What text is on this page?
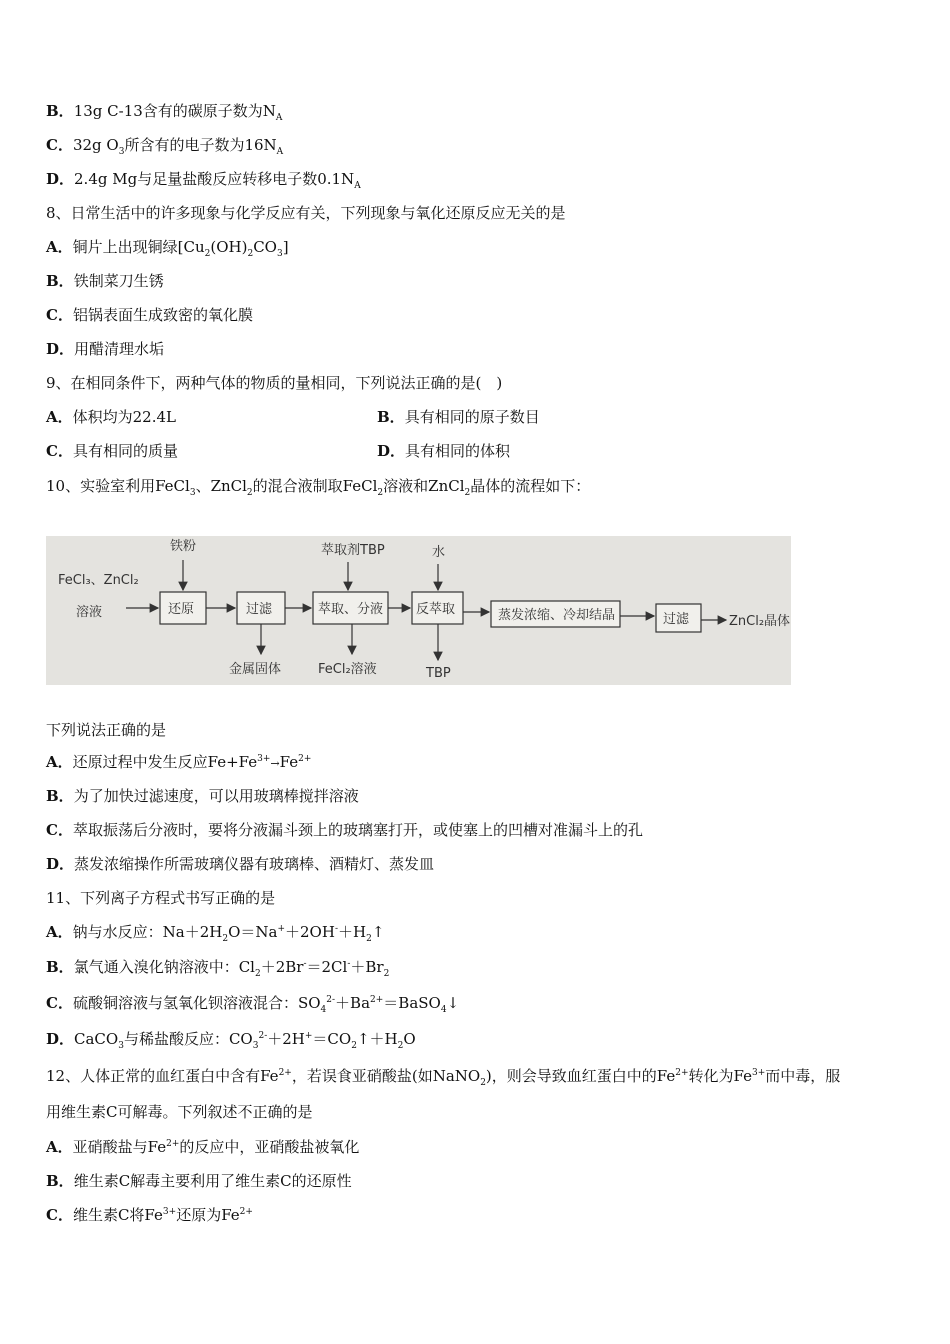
B．13g C-13含有的碳原子数为$N_A$
C．32g $O_3$所含有的电子数为$16N_A$
D．2.4g Mg与足量盐酸反应转移电子数$0.1N_A$
8、日常生活中的许多现象与化学反应有关，下列现象与氧化还原反应无关的是
A．铜片上出现铜绿$[Cu_2(OH)_2CO_3]$
B．铁制菜刀生锈
C．铝锅表面生成致密的氧化膜
D．用醋清理水垢
9、在相同条件下，两种气体的物质的量相同，下列说法正确的是(　)
A．体积均为22.4L	B．具有相同的原子数目
C．具有相同的质量	D．具有相同的体积
10、实验室利用FeCl$_3$、ZnCl$_2$的混合液制取FeCl$_2$溶液和ZnCl$_2$晶体的流程如下：
FeCl₃、ZnCl₂
溶液
铁粉
还原	过滤
金属固体
萃取剂TBP
萃取、分液
FeCl₂溶液
水
反萃取
TBP
蒸发浓缩、冷却结晶	过滤	ZnCl₂晶体
下列说法正确的是
A．还原过程中发生反应$Fe+Fe^{3+}\to Fe^{2+}$
B．为了加快过滤速度，可以用玻璃棒搅拌溶液
C．萃取振荡后分液时，要将分液漏斗颈上的玻璃塞打开，或使塞上的凹槽对准漏斗上的孔
D．蒸发浓缩操作所需玻璃仪器有玻璃棒、酒精灯、蒸发皿
11、下列离子方程式书写正确的是
A．钠与水反应：$Na+2H_2O=Na^++2OH^-+H_2↑$
B．氯气通入溴化钠溶液中：$Cl_2+2Br^-=2Cl^-+Br_2$
C．硫酸铜溶液与氢氧化钡溶液混合：$SO_4^{2-}+Ba^{2+}=BaSO_4↓$
D．CaCO$_3$与稀盐酸反应：$CO_3^{2-}+2H^+=CO_2↑+H_2O$
12、人体正常的血红蛋白中含有$Fe^{2+}$，若误食亚硝酸盐(如NaNO$_2$)，则会导致血红蛋白中的$Fe^{2+}$转化为$Fe^{3+}$而中毒，服
用维生素C可解毒。下列叙述不正确的是
A．亚硝酸盐与$Fe^{2+}$的反应中，亚硝酸盐被氧化
B．维生素C解毒主要利用了维生素C的还原性
C．维生素C将$Fe^{3+}$还原为$Fe^{2+}$
